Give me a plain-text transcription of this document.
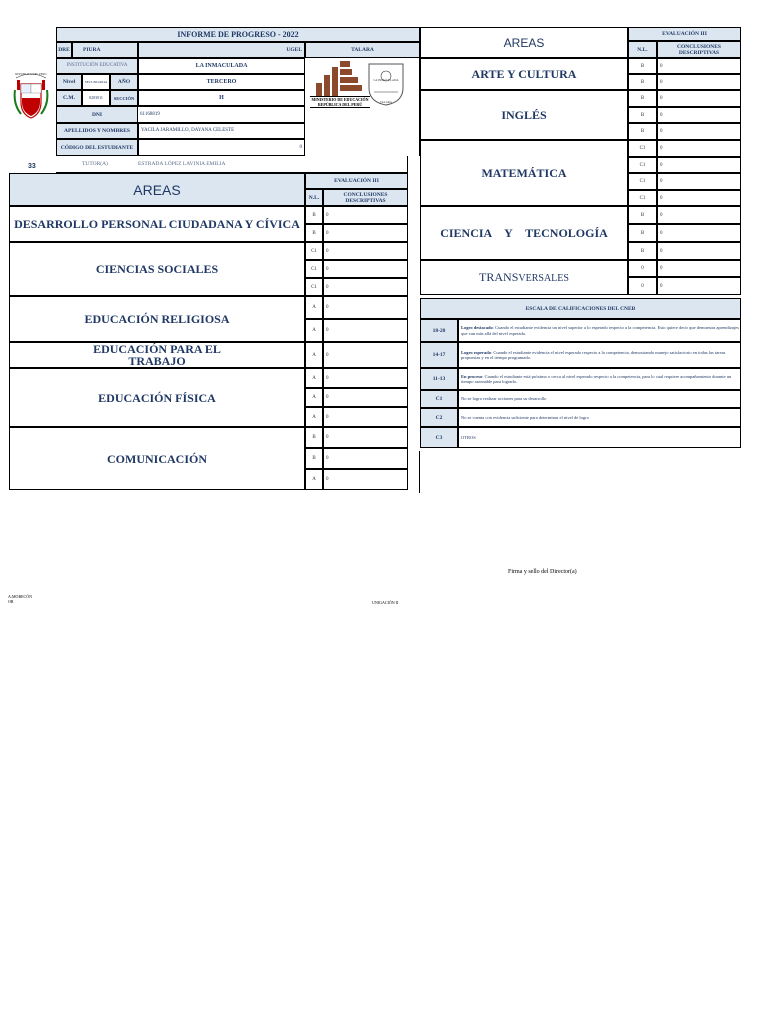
INFORME DE PROGRESO - 2022
DRE PIURA	UGEL	TALARA
INSTITUCIÓN EDUCATIVA	LA INMACULADA
Nivel	SECUNDARIA AÑO	TERCERO
C.M.	0203011 SECCIÓN	H
DNI	61168819
APELLIDOS Y NOMBRES YACILA JARAMILLO, DAYANA CELESTE
CÓDIGO DEL ESTUDIANTE	0
MINISTERIO DE EDUCACIÓN
REPÚBLICA DEL PERÚ
LA INMACULADA
TALARA
REPUBLICA DEL PERU
33	TUTOR(A)	ESTRADA LÓPEZ LAVINIA EMILIA
AREAS
EVALUACIÓN III
N.L.	CONCLUSIONES DESCRIPTIVAS
DESARROLLO PERSONAL CIUDADANA Y CÍVICA
B 0
B 0
CIENCIAS SOCIALES
C1 0
C1 0
C1 0
EDUCACIÓN RELIGIOSA
A 0
A 0
EDUCACIÓN PARA EL TRABAJO	A 0
EDUCACIÓN FÍSICA
A 0
A 0
A 0
COMUNICACIÓN
B 0
B 0
A 0
AREAS
EVALUACIÓN III
N.L.	CONCLUSIONES DESCRIPTIVAS
ARTE Y CULTURA
B	0
B	0
INGLÉS
B	0
B	0
B	0
MATEMÁTICA
C1	0
C1	0
C1	0
C1	0
CIENCIA Y TECNOLOGÍA
B	0
B	0
B	0
TRANSVERSALES
0	0
0	0
ESCALA DE CALIFICACIONES DEL CNEB
18-20	Logro destacado: Cuando el estudiante evidencia un nivel superior a lo esperado respecto a la competencia. Esto quiere decir que demuestra aprendizajes que van más allá del nivel esperado.
14-17	Logro esperado: Cuando el estudiante evidencia el nivel esperado respecto a la competencia, demostrando manejo satisfactorio en todas las tareas propuestas y en el tiempo programado.
11-13	En proceso: Cuando el estudiante está próximo o cerca al nivel esperado respecto a la competencia, para lo cual requiere acompañamiento durante un tiempo razonable para lograrlo.
C1	No se logro realizar acciones para su desarrollo
C2	No se cuenta con evidencia suficiente para determinar el nivel de logro
C3	OTROS
Firma y sello del Director(a)
A:MORECÓN
OR	UNIGACIÓN II
